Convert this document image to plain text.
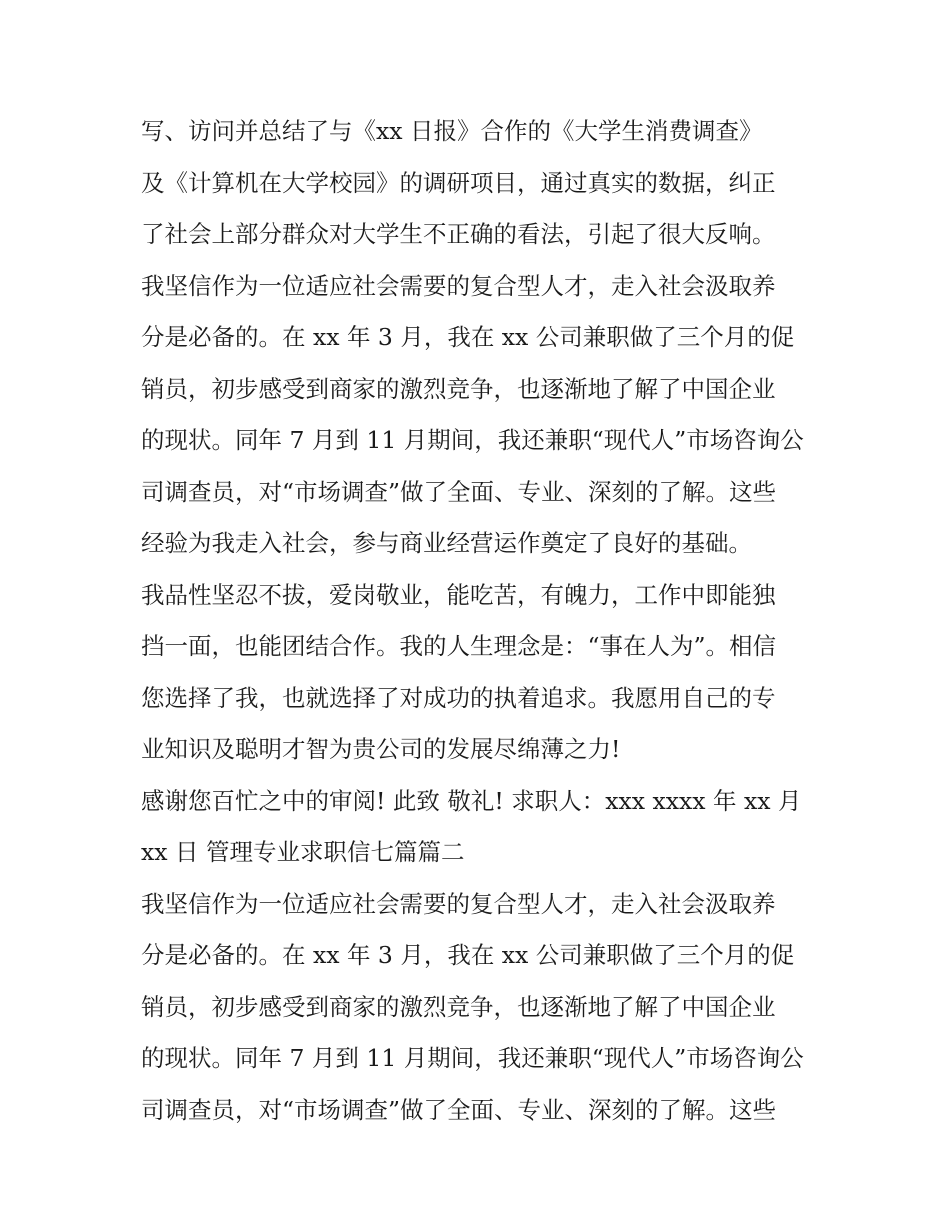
写、访问并总结了与《xx 日报》合作的《大学生消费调查》
及《计算机在大学校园》的调研项目，通过真实的数据，纠正
了社会上部分群众对大学生不正确的看法，引起了很大反响。
我坚信作为一位适应社会需要的复合型人才，走入社会汲取养
分是必备的。在 xx 年 3 月，我在 xx 公司兼职做了三个月的促
销员，初步感受到商家的激烈竞争，也逐渐地了解了中国企业
的现状。同年 7 月到 11 月期间，我还兼职“现代人”市场咨询公
司调查员，对“市场调查”做了全面、专业、深刻的了解。这些
经验为我走入社会，参与商业经营运作奠定了良好的基础。
我品性坚忍不拔，爱岗敬业，能吃苦，有魄力，工作中即能独
挡一面，也能团结合作。我的人生理念是：“事在人为”。相信
您选择了我，也就选择了对成功的执着追求。我愿用自己的专
业知识及聪明才智为贵公司的发展尽绵薄之力!
感谢您百忙之中的审阅! 此致 敬礼! 求职人：xxx xxxx 年 xx 月
xx 日 管理专业求职信七篇篇二
我坚信作为一位适应社会需要的复合型人才，走入社会汲取养
分是必备的。在 xx 年 3 月，我在 xx 公司兼职做了三个月的促
销员，初步感受到商家的激烈竞争，也逐渐地了解了中国企业
的现状。同年 7 月到 11 月期间，我还兼职“现代人”市场咨询公
司调查员，对“市场调查”做了全面、专业、深刻的了解。这些
